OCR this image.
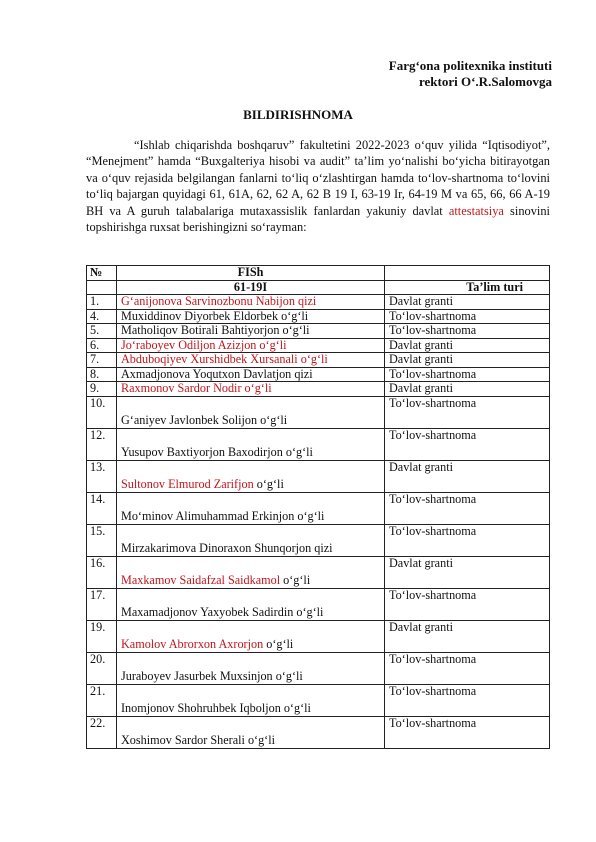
Farg‘ona politexnika instituti
rektori O‘.R.Salomovga
BILDIRISHNOMA

“Ishlab chiqarishda boshqaruv” fakultetini 2022-2023 o‘quv yilida “Iqtisodiyot”, “Menejment” hamda “Buxgalteriya hisobi va audit” ta’lim yo‘nalishi bo‘yicha bitirayotgan va o‘quv rejasida belgilangan fanlarni to‘liq o‘zlashtirgan hamda to‘lov-shartnoma to‘lovini to‘liq bajargan quyidagi 61, 61A, 62, 62 A, 62 B 19 I, 63-19 Ir, 64-19 M va 65, 66, 66 A-19 BH va A guruh talabalariga mutaxassislik fanlardan yakuniy davlat attestatsiya sinovini topshirishga ruxsat berishingizni so‘rayman:

№	FISh	
	61-19I	Ta’lim turi
1.	G‘anijonova Sarvinozbonu Nabijon qizi	Davlat granti
4.	Muxiddinov Diyorbek Eldorbek o‘g‘li	To‘lov-shartnoma
5.	Matholiqov Botirali Bahtiyorjon o‘g‘li	To‘lov-shartnoma
6.	Jo‘raboуev Odiljon Azizjon o‘g‘li	Davlat granti
7.	Abduboqiyev Xurshidbek Xursanali o‘g‘li	Davlat granti
8.	Axmadjonova Yoqutxon Davlatjon qizi	To‘lov-shartnoma
9.	Raxmonov Sardor Nodir o‘g‘li	Davlat granti
10.	G‘aniyev Javlonbek Solijon o‘g‘li	To‘lov-shartnoma
12.	Yusupov Baxtiyorjon Baxodirjon o‘g‘li	To‘lov-shartnoma
13.	Sultonov Elmurod Zarifjon o‘g‘li	Davlat granti
14.	Mo‘minov Alimuhammad Erkinjon o‘g‘li	To‘lov-shartnoma
15.	Mirzakarimova Dinoraxon Shunqorjon qizi	To‘lov-shartnoma
16.	Maxkamov Saidafzal Saidkamol o‘g‘li	Davlat granti
17.	Maxamadjonov Yaxyobek Sadirdin o‘g‘li	To‘lov-shartnoma
19.	Kamolov Abrorxon Axrorjon o‘g‘li	Davlat granti
20.	Juraboyev Jasurbek Muxsinjon o‘g‘li	To‘lov-shartnoma
21.	Inomjonov Shohruhbek Iqboljon o‘g‘li	To‘lov-shartnoma
22.	Xoshimov Sardor Sherali o‘g‘li	To‘lov-shartnoma
